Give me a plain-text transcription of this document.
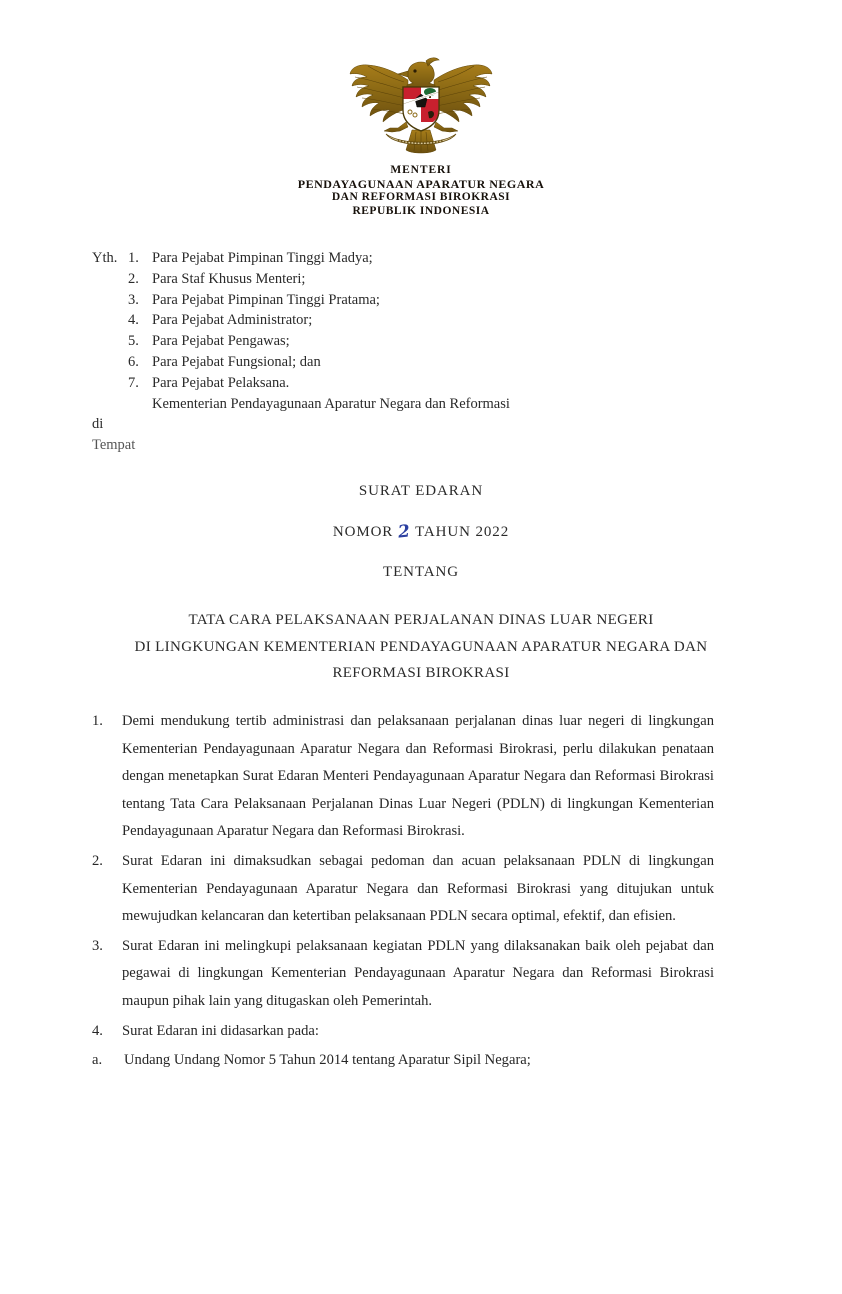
MENTERI
PENDAYAGUNAAN APARATUR NEGARA
DAN REFORMASI BIROKRASI
REPUBLIK INDONESIA
Yth. 1. Para Pejabat Pimpinan Tinggi Madya;
2. Para Staf Khusus Menteri;
3. Para Pejabat Pimpinan Tinggi Pratama;
4. Para Pejabat Administrator;
5. Para Pejabat Pengawas;
6. Para Pejabat Fungsional; dan
7. Para Pejabat Pelaksana.
Kementerian Pendayagunaan Aparatur Negara dan Reformasi
di
Tempat
SURAT EDARAN
NOMOR 2 TAHUN 2022
TENTANG
TATA CARA PELAKSANAAN PERJALANAN DINAS LUAR NEGERI
DI LINGKUNGAN KEMENTERIAN PENDAYAGUNAAN APARATUR NEGARA DAN
REFORMASI BIROKRASI
1.	Demi mendukung tertib administrasi dan pelaksanaan perjalanan dinas luar negeri di lingkungan Kementerian Pendayagunaan Aparatur Negara dan Reformasi Birokrasi, perlu dilakukan penataan dengan menetapkan Surat Edaran Menteri Pendayagunaan Aparatur Negara dan Reformasi Birokrasi tentang Tata Cara Pelaksanaan Perjalanan Dinas Luar Negeri (PDLN) di lingkungan Kementerian Pendayagunaan Aparatur Negara dan Reformasi Birokrasi.
2.	Surat Edaran ini dimaksudkan sebagai pedoman dan acuan pelaksanaan PDLN di lingkungan Kementerian Pendayagunaan Aparatur Negara dan Reformasi Birokrasi yang ditujukan untuk mewujudkan kelancaran dan ketertiban pelaksanaan PDLN secara optimal, efektif, dan efisien.
3.	Surat Edaran ini melingkupi pelaksanaan kegiatan PDLN yang dilaksanakan baik oleh pejabat dan pegawai di lingkungan Kementerian Pendayagunaan Aparatur Negara dan Reformasi Birokrasi maupun pihak lain yang ditugaskan oleh Pemerintah.
4.	Surat Edaran ini didasarkan pada:
a.	Undang Undang Nomor 5 Tahun 2014 tentang Aparatur Sipil Negara;
